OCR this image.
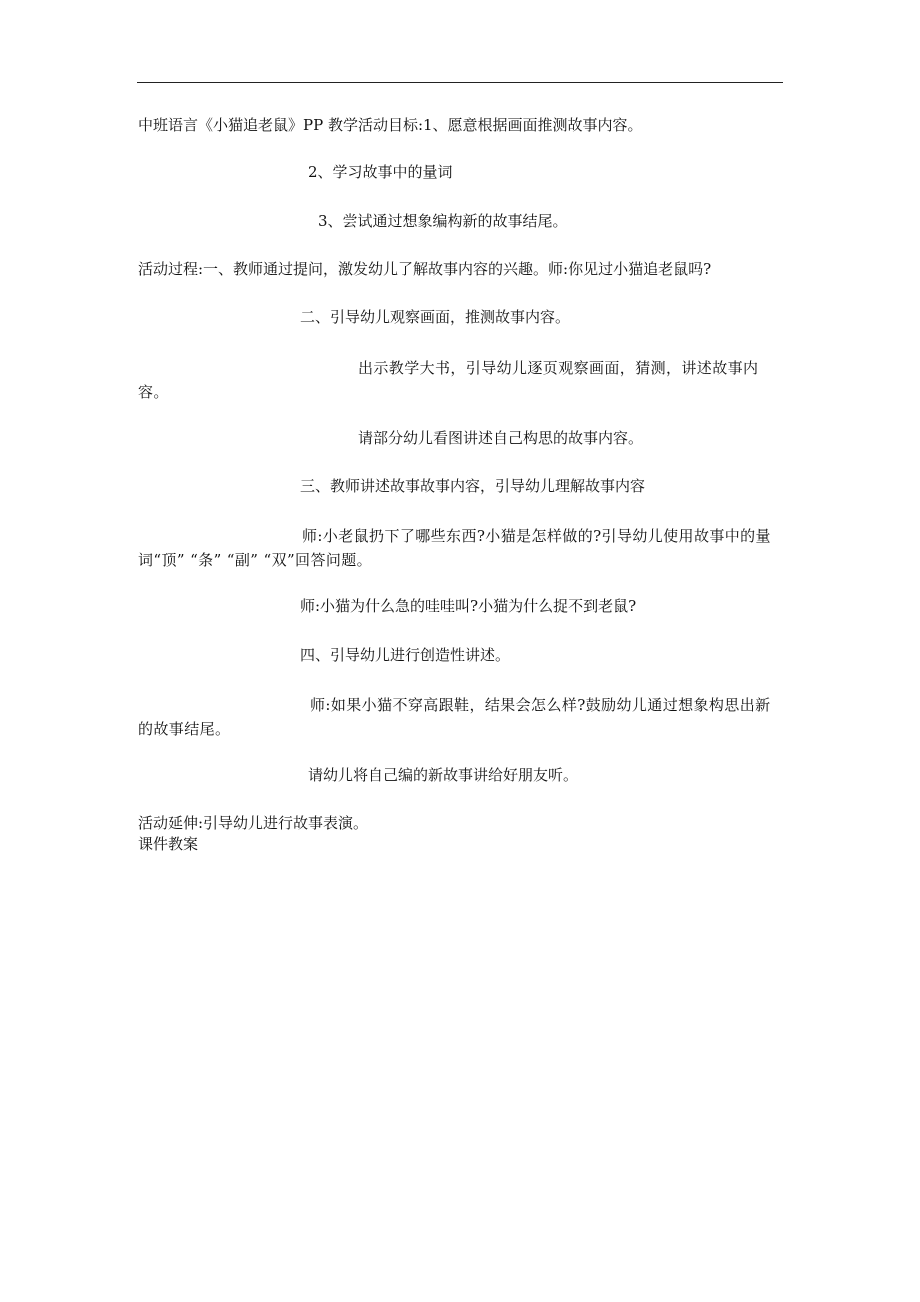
中班语言《小猫追老鼠》PP 教学活动目标:1、愿意根据画面推测故事内容。

2、学习故事中的量词

3、尝试通过想象编构新的故事结尾。

活动过程:一、教师通过提问，激发幼儿了解故事内容的兴趣。师:你见过小猫追老鼠吗?

二、引导幼儿观察画面，推测故事内容。

出示教学大书，引导幼儿逐页观察画面，猜测，讲述故事内容。

请部分幼儿看图讲述自己构思的故事内容。

三、教师讲述故事故事内容，引导幼儿理解故事内容

师:小老鼠扔下了哪些东西?小猫是怎样做的?引导幼儿使用故事中的量词“顶” “条” “副” “双”回答问题。

师:小猫为什么急的哇哇叫?小猫为什么捉不到老鼠?

四、引导幼儿进行创造性讲述。

师:如果小猫不穿高跟鞋，结果会怎么样?鼓励幼儿通过想象构思出新的故事结尾。

请幼儿将自己编的新故事讲给好朋友听。

活动延伸:引导幼儿进行故事表演。

课件教案
